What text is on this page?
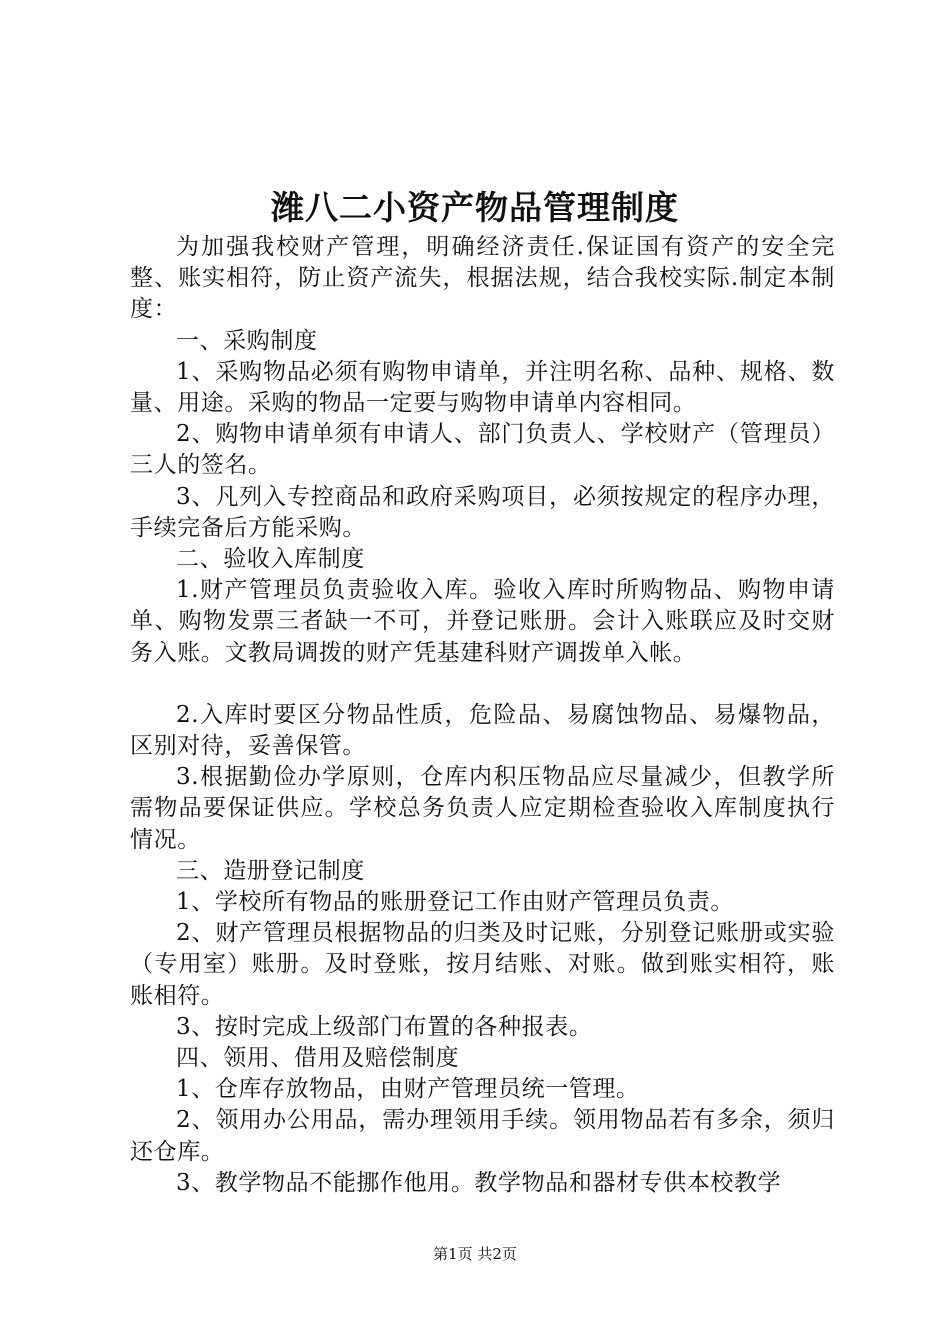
潍八二小资产物品管理制度

为加强我校财产管理，明确经济责任.保证国有资产的安全完整、账实相符，防止资产流失，根据法规，结合我校实际.制定本制度：

一、采购制度

1、采购物品必须有购物申请单，并注明名称、品种、规格、数量、用途。采购的物品一定要与购物申请单内容相同。

2、购物申请单须有申请人、部门负责人、学校财产（管理员）三人的签名。

3、凡列入专控商品和政府采购项目，必须按规定的程序办理，手续完备后方能采购。

二、验收入库制度

1.财产管理员负责验收入库。验收入库时所购物品、购物申请单、购物发票三者缺一不可，并登记账册。会计入账联应及时交财务入账。文教局调拨的财产凭基建科财产调拨单入帐。

2.入库时要区分物品性质，危险品、易腐蚀物品、易爆物品，区别对待，妥善保管。

3.根据勤俭办学原则，仓库内积压物品应尽量减少，但教学所需物品要保证供应。学校总务负责人应定期检查验收入库制度执行情况。

三、造册登记制度

1、学校所有物品的账册登记工作由财产管理员负责。

2、财产管理员根据物品的归类及时记账，分别登记账册或实验（专用室）账册。及时登账，按月结账、对账。做到账实相符，账账相符。

3、按时完成上级部门布置的各种报表。

四、领用、借用及赔偿制度

1、仓库存放物品，由财产管理员统一管理。

2、领用办公用品，需办理领用手续。领用物品若有多余，须归还仓库。

3、教学物品不能挪作他用。教学物品和器材专供本校教学

第1页 共2页
